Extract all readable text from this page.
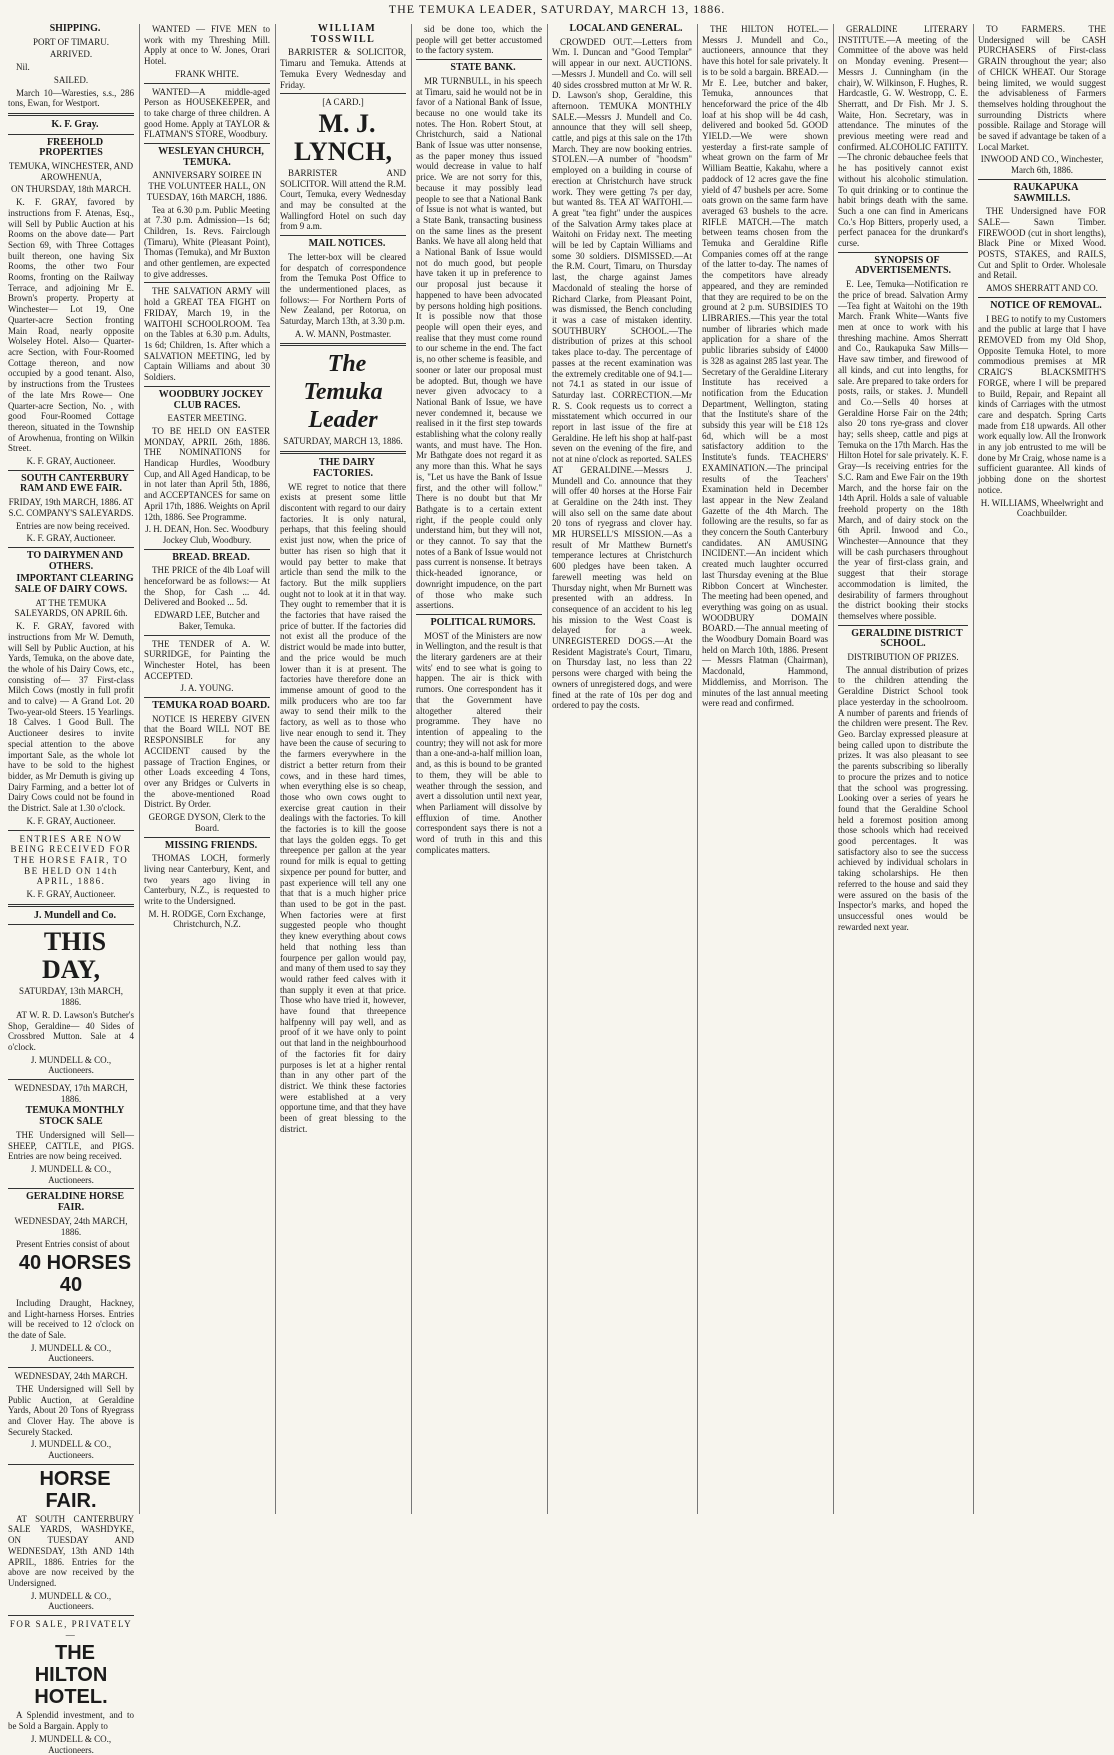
THE TEMUKA LEADER, SATURDAY, MARCH 13, 1886.

SHIPPING.

PORT OF TIMARU.

ARRIVED.

Nil.

SAILED.

March 10—Waresties, s.s., 286 tons, Ewan, for Westport.

K. F. Gray.

FREEHOLD PROPERTIES

TEMUKA, WINCHESTER, AND AROWHENUA,

ON THURSDAY, 18th MARCH.

K. F. GRAY, favored by instructions from F. Atenas, Esq., will Sell by Public Auction at his Rooms on the above date— Part Section 69, with Three Cottages built thereon, one having Six Rooms, the other two Four Rooms, fronting on the Railway Terrace, and adjoining Mr E. Brown's property. Property at Winchester— Lot 19, One Quarter-acre Section fronting Main Road, nearly opposite Wolseley Hotel. Also— Quarter-acre Section, with Four-Roomed Cottage thereon, and now occupied by a good tenant. Also, by instructions from the Trustees of the late Mrs Rowe— One Quarter-acre Section, No. , with good Four-Roomed Cottage thereon, situated in the Township of Arowhenua, fronting on Wilkin Street.

K. F. GRAY, Auctioneer.

SOUTH CANTERBURY RAM AND EWE FAIR.

FRIDAY, 19th MARCH, 1886. AT S.C. COMPANY'S SALEYARDS.

Entries are now being received.

K. F. GRAY, Auctioneer.

TO DAIRYMEN AND OTHERS.

IMPORTANT CLEARING SALE OF DAIRY COWS.

AT THE TEMUKA SALEYARDS, ON APRIL 6th.

K. F. GRAY, favored with instructions from Mr W. Demuth, will Sell by Public Auction, at his Yards, Temuka, on the above date, the whole of his Dairy Cows, etc., consisting of— 37 First-class Milch Cows (mostly in full profit and to calve) — A Grand Lot. 20 Two-year-old Steers. 15 Yearlings. 18 Calves. 1 Good Bull. The Auctioneer desires to invite special attention to the above important Sale, as the whole lot have to be sold to the highest bidder, as Mr Demuth is giving up Dairy Farming, and a better lot of Dairy Cows could not be found in the District. Sale at 1.30 o'clock.

K. F. GRAY, Auctioneer.

ENTRIES ARE NOW BEING RECEIVED FOR THE HORSE FAIR, TO BE HELD ON 14th APRIL, 1886.

K. F. GRAY, Auctioneer.

J. Mundell and Co.

THIS DAY,

SATURDAY, 13th MARCH, 1886.

AT W. R. D. Lawson's Butcher's Shop, Geraldine— 40 Sides of Crossbred Mutton. Sale at 4 o'clock.

J. MUNDELL & CO., Auctioneers.

WEDNESDAY, 17th MARCH, 1886.

TEMUKA MONTHLY STOCK SALE

THE Undersigned will Sell— SHEEP, CATTLE, and PIGS. Entries are now being received.

J. MUNDELL & CO., Auctioneers.

GERALDINE HORSE FAIR.

WEDNESDAY, 24th MARCH, 1886.

Present Entries consist of about

40 HORSES 40

Including Draught, Hackney, and Light-harness Horses. Entries will be received to 12 o'clock on the date of Sale.

J. MUNDELL & CO., Auctioneers.

WEDNESDAY, 24th MARCH.

THE Undersigned will Sell by Public Auction, at Geraldine Yards, About 20 Tons of Ryegrass and Clover Hay. The above is Securely Stacked.

J. MUNDELL & CO., Auctioneers.

HORSE FAIR.

AT SOUTH CANTERBURY SALE YARDS, WASHDYKE, ON TUESDAY AND WEDNESDAY, 13th AND 14th APRIL, 1886. Entries for the above are now received by the Undersigned.

J. MUNDELL & CO., Auctioneers.

FOR SALE, PRIVATELY—

THE HILTON HOTEL.

A Splendid investment, and to be Sold a Bargain. Apply to

J. MUNDELL & CO., Auctioneers.

WANTED — FIVE MEN to work with my Threshing Mill. Apply at once to W. Jones, Orari Hotel.

FRANK WHITE.

WANTED—A middle-aged Person as HOUSEKEEPER, and to take charge of three children. A good Home. Apply at TAYLOR & FLATMAN'S STORE, Woodbury.

WESLEYAN CHURCH, TEMUKA.

ANNIVERSARY SOIREE IN THE VOLUNTEER HALL, ON TUESDAY, 16th MARCH, 1886.

Tea at 6.30 p.m. Public Meeting at 7.30 p.m. Admission—1s 6d; Children, 1s. Revs. Fairclough (Timaru), White (Pleasant Point), Thomas (Temuka), and Mr Buxton and other gentlemen, are expected to give addresses.

THE SALVATION ARMY will hold a GREAT TEA FIGHT on FRIDAY, March 19, in the WAITOHI SCHOOLROOM. Tea on the Tables at 6.30 p.m. Adults, 1s 6d; Children, 1s. After which a SALVATION MEETING, led by Captain Williams and about 30 Soldiers.

WOODBURY JOCKEY CLUB RACES.

EASTER MEETING.

TO BE HELD ON EASTER MONDAY, APRIL 26th, 1886. THE NOMINATIONS for Handicap Hurdles, Woodbury Cup, and All Aged Handicap, to be in not later than April 5th, 1886, and ACCEPTANCES for same on April 17th, 1886. Weights on April 12th, 1886. See Programme.

J. H. DEAN, Hon. Sec. Woodbury Jockey Club, Woodbury.

BREAD. BREAD.

THE PRICE of the 4lb Loaf will henceforward be as follows:— At the Shop, for Cash ... 4d. Delivered and Booked ... 5d.

EDWARD LEE, Butcher and Baker, Temuka.

THE TENDER of A. W. SURRIDGE, for Painting the Winchester Hotel, has been ACCEPTED.

J. A. YOUNG.

TEMUKA ROAD BOARD.

NOTICE IS HEREBY GIVEN that the Board WILL NOT BE RESPONSIBLE for any ACCIDENT caused by the passage of Traction Engines, or other Loads exceeding 4 Tons, over any Bridges or Culverts in the above-mentioned Road District. By Order.

GEORGE DYSON, Clerk to the Board.

MISSING FRIENDS.

THOMAS LOCH, formerly living near Canterbury, Kent, and two years ago living in Canterbury, N.Z., is requested to write to the Undersigned.

M. H. RODGE, Corn Exchange, Christchurch, N.Z.

WILLIAM TOSSWILL

BARRISTER & SOLICITOR, Timaru and Temuka. Attends at Temuka Every Wednesday and Friday.

[A CARD.]

M. J. LYNCH,

BARRISTER AND SOLICITOR. Will attend the R.M. Court, Temuka, every Wednesday and may be consulted at the Wallingford Hotel on such day from 9 a.m.

MAIL NOTICES.

The letter-box will be cleared for despatch of correspondence from the Temuka Post Office to the undermentioned places, as follows:— For Northern Ports of New Zealand, per Rotorua, on Saturday, March 13th, at 3.30 p.m.

A. W. MANN, Postmaster.

The Temuka Leader

SATURDAY, MARCH 13, 1886.

THE DAIRY FACTORIES.

WE regret to notice that there exists at present some little discontent with regard to our dairy factories. It is only natural, perhaps, that this feeling should exist just now, when the price of butter has risen so high that it would pay better to make that article than send the milk to the factory. But the milk suppliers ought not to look at it in that way. They ought to remember that it is the factories that have raised the price of butter. If the factories did not exist all the produce of the district would be made into butter, and the price would be much lower than it is at present. The factories have therefore done an immense amount of good to the milk producers who are too far away to send their milk to the factory, as well as to those who live near enough to send it. They have been the cause of securing to the farmers everywhere in the district a better return from their cows, and in these hard times, when everything else is so cheap, those who own cows ought to exercise great caution in their dealings with the factories. To kill the factories is to kill the goose that lays the golden eggs. To get threepence per gallon at the year round for milk is equal to getting sixpence per pound for butter, and past experience will tell any one that that is a much higher price than used to be got in the past. When factories were at first suggested people who thought they knew everything about cows held that nothing less than fourpence per gallon would pay, and many of them used to say they would rather feed calves with it than supply it even at that price. Those who have tried it, however, have found that threepence halfpenny will pay well, and as proof of it we have only to point out that land in the neighbourhood of the factories fit for dairy purposes is let at a higher rental than in any other part of the district. We think these factories were established at a very opportune time, and that they have been of great blessing to the district.

sid be done too, which the people will get better accustomed to the factory system.

STATE BANK.

MR TURNBULL, in his speech at Timaru, said he would not be in favor of a National Bank of Issue, because no one would take its notes. The Hon. Robert Stout, at Christchurch, said a National Bank of Issue was utter nonsense, as the paper money thus issued would decrease in value to half price. We are not sorry for this, because it may possibly lead people to see that a National Bank of Issue is not what is wanted, but a State Bank, transacting business on the same lines as the present Banks. We have all along held that a National Bank of Issue would not do much good, but people have taken it up in preference to our proposal just because it happened to have been advocated by persons holding high positions. It is possible now that those people will open their eyes, and realise that they must come round to our scheme in the end. The fact is, no other scheme is feasible, and sooner or later our proposal must be adopted. But, though we have never given advocacy to a National Bank of Issue, we have never condemned it, because we realised in it the first step towards establishing what the colony really wants, and must have. The Hon. Mr Bathgate does not regard it as any more than this. What he says is, "Let us have the Bank of Issue first, and the other will follow." There is no doubt but that Mr Bathgate is to a certain extent right, if the people could only understand him, but they will not, or they cannot. To say that the notes of a Bank of Issue would not pass current is nonsense. It betrays thick-headed ignorance, or downright impudence, on the part of those who make such assertions.

POLITICAL RUMORS.

MOST of the Ministers are now in Wellington, and the result is that the literary gardeners are at their wits' end to see what is going to happen. The air is thick with rumors. One correspondent has it that the Government have altogether altered their programme. They have no intention of appealing to the country; they will not ask for more than a one-and-a-half million loan, and, as this is bound to be granted to them, they will be able to weather through the session, and avert a dissolution until next year, when Parliament will dissolve by effluxion of time. Another correspondent says there is not a word of truth in this and this complicates matters.

LOCAL AND GENERAL.

CROWDED OUT.—Letters from Wm. I. Duncan and "Good Templar" will appear in our next. AUCTIONS.—Messrs J. Mundell and Co. will sell 40 sides crossbred mutton at Mr W. R. D. Lawson's shop, Geraldine, this afternoon. TEMUKA MONTHLY SALE.—Messrs J. Mundell and Co. announce that they will sell sheep, cattle, and pigs at this sale on the 17th March. They are now booking entries. STOLEN.—A number of "hoodsm" employed on a building in course of erection at Christchurch have struck work. They were getting 7s per day, but wanted 8s. TEA AT WAITOHI.—A great "tea fight" under the auspices of the Salvation Army takes place at Waitohi on Friday next. The meeting will be led by Captain Williams and some 30 soldiers. DISMISSED.—At the R.M. Court, Timaru, on Thursday last, the charge against James Macdonald of stealing the horse of Richard Clarke, from Pleasant Point, was dismissed, the Bench concluding it was a case of mistaken identity. SOUTHBURY SCHOOL.—The distribution of prizes at this school takes place to-day. The percentage of passes at the recent examination was the extremely creditable one of 94.1—not 74.1 as stated in our issue of Saturday last. CORRECTION.—Mr R. S. Cook requests us to correct a misstatement which occurred in our report in last issue of the fire at Geraldine. He left his shop at half-past seven on the evening of the fire, and not at nine o'clock as reported. SALES AT GERALDINE.—Messrs J. Mundell and Co. announce that they will offer 40 horses at the Horse Fair at Geraldine on the 24th inst. They will also sell on the same date about 20 tons of ryegrass and clover hay. MR HURSELL'S MISSION.—As a result of Mr Matthew Burnett's temperance lectures at Christchurch 600 pledges have been taken. A farewell meeting was held on Thursday night, when Mr Burnett was presented with an address. In consequence of an accident to his leg his mission to the West Coast is delayed for a week. UNREGISTERED DOGS.—At the Resident Magistrate's Court, Timaru, on Thursday last, no less than 22 persons were charged with being the owners of unregistered dogs, and were fined at the rate of 10s per dog and ordered to pay the costs.

THE HILTON HOTEL.—Messrs J. Mundell and Co., auctioneers, announce that they have this hotel for sale privately. It is to be sold a bargain. BREAD.—Mr E. Lee, butcher and baker, Temuka, announces that henceforward the price of the 4lb loaf at his shop will be 4d cash, delivered and booked 5d. GOOD YIELD.—We were shown yesterday a first-rate sample of wheat grown on the farm of Mr William Beattie, Kakahu, where a paddock of 12 acres gave the fine yield of 47 bushels per acre. Some oats grown on the same farm have averaged 63 bushels to the acre. RIFLE MATCH.—The match between teams chosen from the Temuka and Geraldine Rifle Companies comes off at the range of the latter to-day. The names of the competitors have already appeared, and they are reminded that they are required to be on the ground at 2 p.m. SUBSIDIES TO LIBRARIES.—This year the total number of libraries which made application for a share of the public libraries subsidy of £4000 is 328 as against 285 last year. The Secretary of the Geraldine Literary Institute has received a notification from the Education Department, Wellington, stating that the Institute's share of the subsidy this year will be £18 12s 6d, which will be a most satisfactory addition to the Institute's funds. TEACHERS' EXAMINATION.—The principal results of the Teachers' Examination held in December last appear in the New Zealand Gazette of the 4th March. The following are the results, so far as they concern the South Canterbury candidates. AN AMUSING INCIDENT.—An incident which created much laughter occurred last Thursday evening at the Blue Ribbon Concert at Winchester. The meeting had been opened, and everything was going on as usual. WOODBURY DOMAIN BOARD.—The annual meeting of the Woodbury Domain Board was held on March 10th, 1886. Present — Messrs Flatman (Chairman), Macdonald, Hammond, Middlemiss, and Morrison. The minutes of the last annual meeting were read and confirmed.

GERALDINE LITERARY INSTITUTE.—A meeting of the Committee of the above was held on Monday evening. Present—Messrs J. Cunningham (in the chair), W. Wilkinson, F. Hughes, R. Hardcastle, G. W. Westropp, C. E. Sherratt, and Dr Fish. Mr J. S. Waite, Hon. Secretary, was in attendance. The minutes of the previous meeting were read and confirmed. ALCOHOLIC FATIITY.—The chronic debauchee feels that he has positively cannot exist without his alcoholic stimulation. To quit drinking or to continue the habit brings death with the same. Such a one can find in Americans Co.'s Hop Bitters, properly used, a perfect panacea for the drunkard's curse.

SYNOPSIS OF ADVERTISEMENTS.

E. Lee, Temuka—Notification re the price of bread. Salvation Army—Tea fight at Waitohi on the 19th March. Frank White—Wants five men at once to work with his threshing machine. Amos Sherratt and Co., Raukapuka Saw Mills—Have saw timber, and firewood of all kinds, and cut into lengths, for sale. Are prepared to take orders for posts, rails, or stakes. J. Mundell and Co.—Sells 40 horses at Geraldine Horse Fair on the 24th; also 20 tons rye-grass and clover hay; sells sheep, cattle and pigs at Temuka on the 17th March. Has the Hilton Hotel for sale privately. K. F. Gray—Is receiving entries for the S.C. Ram and Ewe Fair on the 19th March, and the horse fair on the 14th April. Holds a sale of valuable freehold property on the 18th March, and of dairy stock on the 6th April. Inwood and Co., Winchester—Announce that they will be cash purchasers throughout the year of first-class grain, and suggest that their storage accommodation is limited, the desirability of farmers throughout the district booking their stocks themselves where possible.

GERALDINE DISTRICT SCHOOL.

DISTRIBUTION OF PRIZES.

The annual distribution of prizes to the children attending the Geraldine District School took place yesterday in the schoolroom. A number of parents and friends of the children were present. The Rev. Geo. Barclay expressed pleasure at being called upon to distribute the prizes. It was also pleasant to see the parents subscribing so liberally to procure the prizes and to notice that the school was progressing. Looking over a series of years he found that the Geraldine School held a foremost position among those schools which had received good percentages. It was satisfactory also to see the success achieved by individual scholars in taking scholarships. He then referred to the house and said they were assured on the basis of the Inspector's marks, and hoped the unsuccessful ones would be rewarded next year.

TO FARMERS. THE Undersigned will be CASH PURCHASERS of First-class GRAIN throughout the year; also of CHICK WHEAT. Our Storage being limited, we would suggest the advisableness of Farmers themselves holding throughout the surrounding Districts where possible. Railage and Storage will be saved if advantage be taken of a Local Market.

INWOOD AND CO., Winchester, March 6th, 1886.

RAUKAPUKA SAWMILLS.

THE Undersigned have FOR SALE— Sawn Timber. FIREWOOD (cut in short lengths), Black Pine or Mixed Wood. POSTS, STAKES, and RAILS, Cut and Split to Order. Wholesale and Retail.

AMOS SHERRATT AND CO.

NOTICE OF REMOVAL.

I BEG to notify to my Customers and the public at large that I have REMOVED from my Old Shop, Opposite Temuka Hotel, to more commodious premises at MR CRAIG'S BLACKSMITH'S FORGE, where I will be prepared to Build, Repair, and Repaint all kinds of Carriages with the utmost care and despatch. Spring Carts made from £18 upwards. All other work equally low. All the Ironwork in any job entrusted to me will be done by Mr Craig, whose name is a sufficient guarantee. All kinds of jobbing done on the shortest notice.

H. WILLIAMS, Wheelwright and Coachbuilder.
